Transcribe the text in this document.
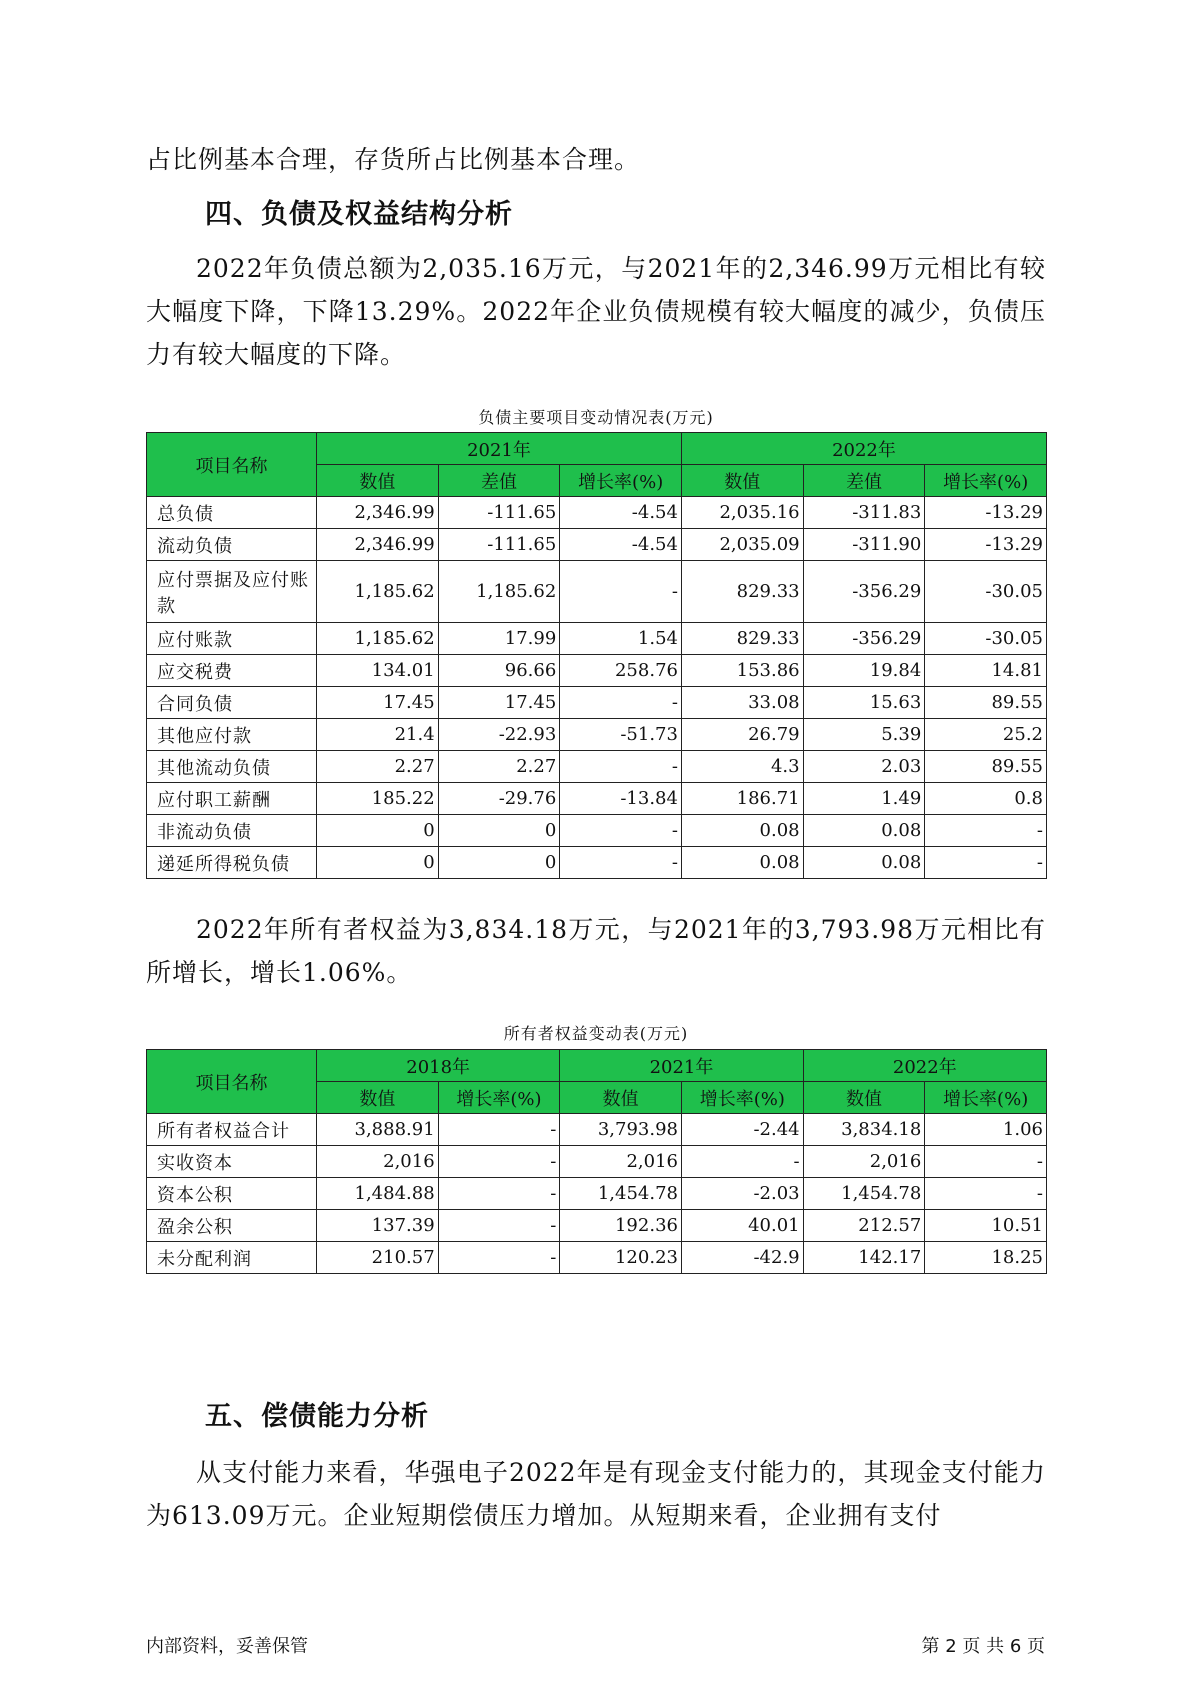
占比例基本合理，存货所占比例基本合理。

四、负债及权益结构分析

2022年负债总额为2,035.16万元，与2021年的2,346.99万元相比有较大幅度下降，下降13.29%。2022年企业负债规模有较大幅度的减少，负债压力有较大幅度的下降。

负债主要项目变动情况表(万元)
项目名称	2021年			2022年		
	数值	差值	增长率(%)	数值	差值	增长率(%)
总负债	2,346.99	-111.65	-4.54	2,035.16	-311.83	-13.29
流动负债	2,346.99	-111.65	-4.54	2,035.09	-311.90	-13.29
应付票据及应付账款	1,185.62	1,185.62	-	829.33	-356.29	-30.05
应付账款	1,185.62	17.99	1.54	829.33	-356.29	-30.05
应交税费	134.01	96.66	258.76	153.86	19.84	14.81
合同负债	17.45	17.45	-	33.08	15.63	89.55
其他应付款	21.4	-22.93	-51.73	26.79	5.39	25.2
其他流动负债	2.27	2.27	-	4.3	2.03	89.55
应付职工薪酬	185.22	-29.76	-13.84	186.71	1.49	0.8
非流动负债	0	0	-	0.08	0.08	-
递延所得税负债	0	0	-	0.08	0.08	-

2022年所有者权益为3,834.18万元，与2021年的3,793.98万元相比有所增长，增长1.06%。

所有者权益变动表(万元)
项目名称	2018年		2021年		2022年	
	数值	增长率(%)	数值	增长率(%)	数值	增长率(%)
所有者权益合计	3,888.91	-	3,793.98	-2.44	3,834.18	1.06
实收资本	2,016	-	2,016	-	2,016	-
资本公积	1,484.88	-	1,454.78	-2.03	1,454.78	-
盈余公积	137.39	-	192.36	40.01	212.57	10.51
未分配利润	210.57	-	120.23	-42.9	142.17	18.25
五、偿债能力分析

从支付能力来看，华强电子2022年是有现金支付能力的，其现金支付能力为613.09万元。企业短期偿债压力增加。从短期来看，企业拥有支付

内部资料，妥善保管	第 2 页 共 6 页
